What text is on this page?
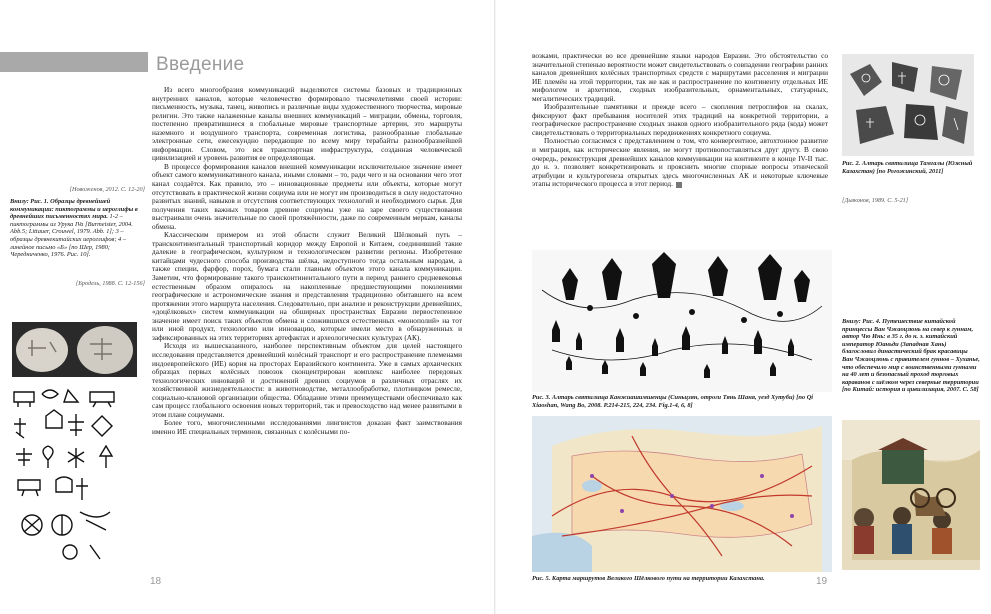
Введение
[Новоженов, 2012. С. 12-20]
Внизу: Рис. 1. Образцы древнейшей коммуникации: пиктограммы и иероглифы в древнейших письменностях мира. 1-2 – пиктограммы из Урука IVa [Burmeister, 2004. Abb.5; Littauer, Crouwel, 1979. Abb. 1]; 3 – образцы древнекитайских иероглифов; 4 – линейное письмо «Б» [по Шер, 1980; Чередниченко, 1976. Рис. 10].
[Бродель, 1988. С. 12-156]

Из всего многообразия коммуникаций выделяются системы базовых и традиционных внутренних каналов, которые человечество формировало тысячелетиями своей истории: письменность, музыка, танец, живопись и различные виды художественного творчества, мировые религии. Это также налаженные каналы внешних коммуникаций – миграции, обмены, торговля, постепенно превратившиеся в глобальные мировые транспортные артерии, это маршруты наземного и воздушного транспорта, современная логистика, разнообразные глобальные электронные сети, ежесекундно передающие по всему миру терабайты разнообразнейшей информации. Словом, это вся транспортная инфраструктура, созданная человеческой цивилизацией и уровень развития ее определяющая.

В процессе формирования каналов внешней коммуникации исключительное значение имеет объект самого коммуникативного канала, иными словами – то, ради чего и на основании чего этот канал создаётся. Как правило, это – инновационные предметы или объекты, которые могут отсутствовать в практической жизни социума или не могут им производиться в силу недостаточно развитых знаний, навыков и отсутствия соответствующих технологий и необходимого сырья. Для получения таких важных товаров древние социумы уже на заре своего существования выстраивали очень значительные по своей протяжённости, даже по современным меркам, каналы обмена.

Классическим примером из этой области служит Великий Шёлковый путь – трансконтинентальный транспортный коридор между Европой и Китаем, соединивший такие далекие в географическом, культурном и технологическом развитии регионы. Изобретение китайцами чудесного способа производства шёлка, недоступного тогда остальным народам, а также специи, фарфор, порох, бумага стали главным объектом этого канала коммуникации. Заметим, что формирование такого трансконтинентального пути в период раннего средневековья естественным образом опиралось на накопленные предшествующими поколениями географические и астрономические знания и представления традиционно обитавшего на всем протяжении этого маршрута населения. Следовательно, при анализе и реконструкции древнейших, «доцёлковых» систем коммуникации на обширных пространствах Евразии первостепенное значение имеет поиск таких объектов обмена и сложившихся естественных «монополий» на тот или иной продукт, технологию или инновацию, которые имели место в обнаруженных и зафиксированных на этих территориях артефактах и археологических культурах (АК).

Исходя из вышесказанного, наиболее перспективным объектом для целей настоящего исследования представляется древнейший колёсный транспорт и его распространение племенами индоевропейского (ИЕ) корня на просторах Евразийского континента. Уже в самых архаических образцах первых колёсных повозок сконцентрирован комплекс наиболее передовых технологических инноваций и достижений древних социумов в различных отраслях их хозяйственной жизнедеятельности: в животноводстве, металлообработке, плотницком ремесле, социально-клановой организации общества. Обладание этими преимуществами обеспечивало как сам процесс глобального освоения новых территорий, так и превосходство над менее развитыми в этом плане социумами.

Более того, многочисленными исследованиями лингвистов доказан факт заимствования именно ИЕ специальных терминов, связанных с колёсными по-

18

возками, практически во все древнейшие языки народов Евразии. Это обстоятельство со значительной степенью вероятности может свидетельствовать о совпадении географии ранних каналов древнейших колёсных транспортных средств с маршрутами расселения и миграции ИЕ племён на этой территории, так же как и распространение по континенту отдельных ИЕ мифологем и архетипов, сходных изобразительных, орнаментальных, статуарных, мегалитических традиций.

Изобразительные памятники и прежде всего – скопления петроглифов на скалах, фиксируют факт пребывания носителей этих традиций на конкретной территории, а географическое распространение сходных знаков одного изобразительного ряда (кода) может свидетельствовать о территориальных передвижениях конкретного социума.

Полностью согласимся с представлением о том, что конвергентное, автохтонное развитие и миграция, как исторические явления, не могут противопоставляться друг другу. В свою очередь, реконструкция древнейших каналов коммуникации на континенте в конце IV-II тыс. до н. э. позволяет конкретизировать и прояснить многие спорные вопросы этнической атрибуции и культурогенеза открытых здесь многочисленных АК и некоторые ключевые этапы исторического процесса в этот период.

Рис. 2. Алтарь святилища Тамгалы (Южный Казахстан) [по Рогожинский, 2011]
[Дьяконов, 1989. С. 5-21]
Рис. 3. Алтарь святилища Канжиашимшенцы (Синьцзян, отроги Тянь Шаня, уезд Хутуби) [по Qi Xiaoshan, Wang Bo, 2008. P.214-215, 224, 234. Fig.1-4, 6, 8]
Рис. 5. Карта маршрутов Великого Шёлкового пути на территории Казахстана.
Внизу: Рис. 4. Путешествие китайской принцессы Ван Чжаоцзюнь на север к гуннам, автор Чю Инь: в 35 г. до н. э. китайский император Юаньди (Западная Хань) благословил династический брак красавицы Ван Чжаоцзюнь с правителем гуннов – Хуханье, что обеспечило мир с воинственными гуннами на 40 лет и безопасный проход торговых караванов с шёлком через северные территории [по Китай: история и цивилизация, 2007. С. 58]
19
